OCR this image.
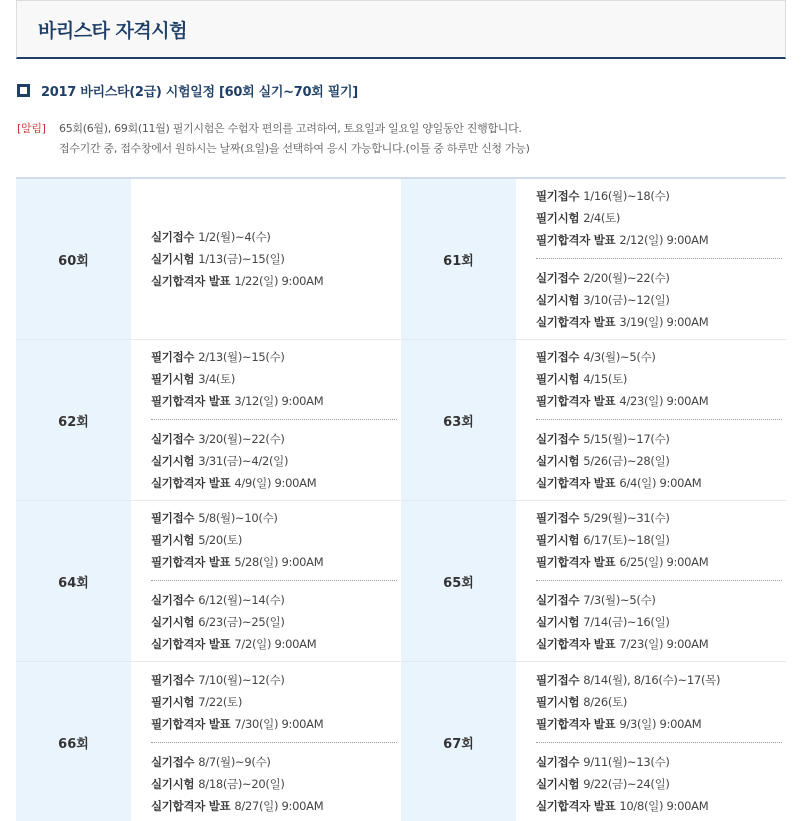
바리스타 자격시험
2017 바리스타(2급) 시험일정 [60회 실기~70회 필기]
[알림]	65회(6월), 69회(11월) 필기시험은 수험자 편의를 고려하여, 토요일과 일요일 양일동안 진행합니다.
접수기간 중, 접수창에서 원하시는 날짜(요일)을 선택하여 응시 가능합니다.(이틀 중 하루만 신청 가능)
60회
실기접수 1/2(월)~4(수)
실기시험 1/13(금)~15(일)
실기합격자 발표 1/22(일) 9:00AM
61회
필기접수 1/16(월)~18(수)
필기시험 2/4(토)
필기합격자 발표 2/12(일) 9:00AM
실기접수 2/20(월)~22(수)
실기시험 3/10(금)~12(일)
실기합격자 발표 3/19(일) 9:00AM
62회
필기접수 2/13(월)~15(수)
필기시험 3/4(토)
필기합격자 발표 3/12(일) 9:00AM
실기접수 3/20(월)~22(수)
실기시험 3/31(금)~4/2(일)
실기합격자 발표 4/9(일) 9:00AM
63회
필기접수 4/3(월)~5(수)
필기시험 4/15(토)
필기합격자 발표 4/23(일) 9:00AM
실기접수 5/15(월)~17(수)
실기시험 5/26(금)~28(일)
실기합격자 발표 6/4(일) 9:00AM
64회
필기접수 5/8(월)~10(수)
필기시험 5/20(토)
필기합격자 발표 5/28(일) 9:00AM
실기접수 6/12(월)~14(수)
실기시험 6/23(금)~25(일)
실기합격자 발표 7/2(일) 9:00AM
65회
필기접수 5/29(월)~31(수)
필기시험 6/17(토)~18(일)
필기합격자 발표 6/25(일) 9:00AM
실기접수 7/3(월)~5(수)
실기시험 7/14(금)~16(일)
실기합격자 발표 7/23(일) 9:00AM
66회
필기접수 7/10(월)~12(수)
필기시험 7/22(토)
필기합격자 발표 7/30(일) 9:00AM
실기접수 8/7(월)~9(수)
실기시험 8/18(금)~20(일)
실기합격자 발표 8/27(일) 9:00AM
67회
필기접수 8/14(월), 8/16(수)~17(목)
필기시험 8/26(토)
필기합격자 발표 9/3(일) 9:00AM
실기접수 9/11(월)~13(수)
실기시험 9/22(금)~24(일)
실기합격자 발표 10/8(일) 9:00AM
